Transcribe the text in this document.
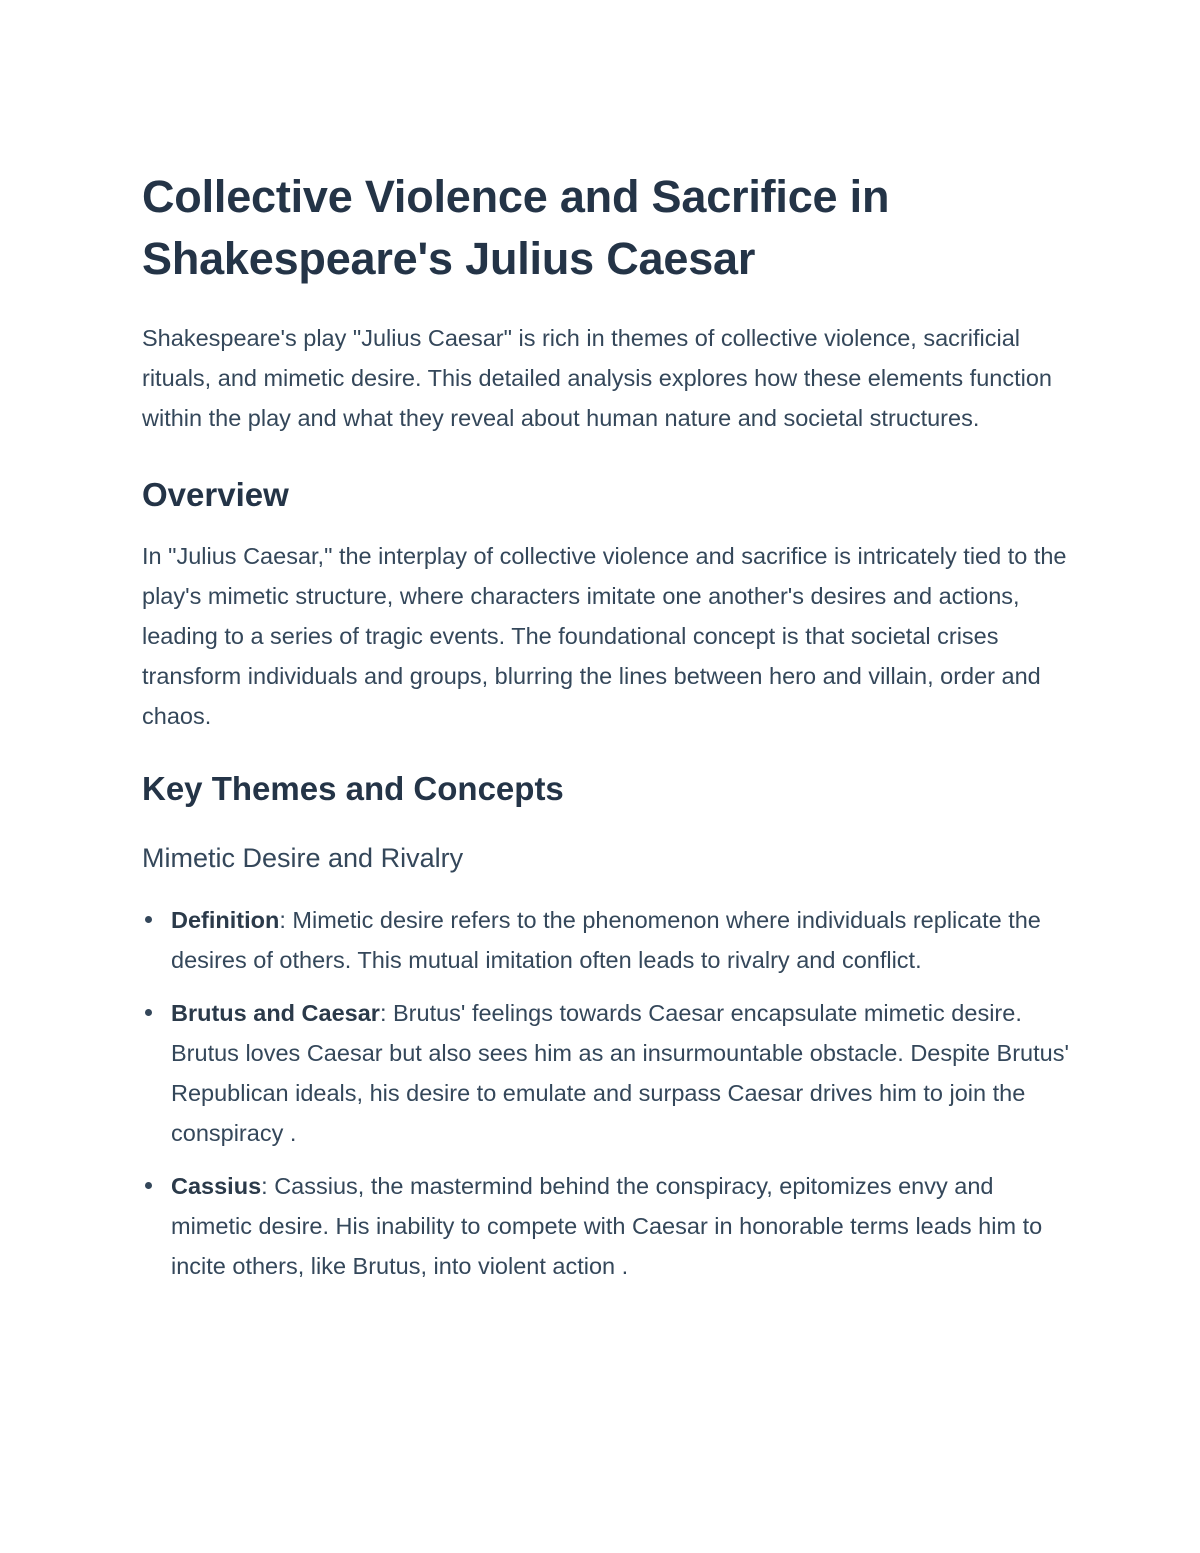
Collective Violence and Sacrifice in Shakespeare's Julius Caesar

Shakespeare's play "Julius Caesar" is rich in themes of collective violence, sacrificial rituals, and mimetic desire. This detailed analysis explores how these elements function within the play and what they reveal about human nature and societal structures.

Overview

In "Julius Caesar," the interplay of collective violence and sacrifice is intricately tied to the play's mimetic structure, where characters imitate one another's desires and actions, leading to a series of tragic events. The foundational concept is that societal crises transform individuals and groups, blurring the lines between hero and villain, order and chaos.

Key Themes and Concepts
Mimetic Desire and Rivalry
Definition: Mimetic desire refers to the phenomenon where individuals replicate the desires of others. This mutual imitation often leads to rivalry and conflict.
Brutus and Caesar: Brutus' feelings towards Caesar encapsulate mimetic desire. Brutus loves Caesar but also sees him as an insurmountable obstacle. Despite Brutus' Republican ideals, his desire to emulate and surpass Caesar drives him to join the conspiracy .
Cassius: Cassius, the mastermind behind the conspiracy, epitomizes envy and mimetic desire. His inability to compete with Caesar in honorable terms leads him to incite others, like Brutus, into violent action .
